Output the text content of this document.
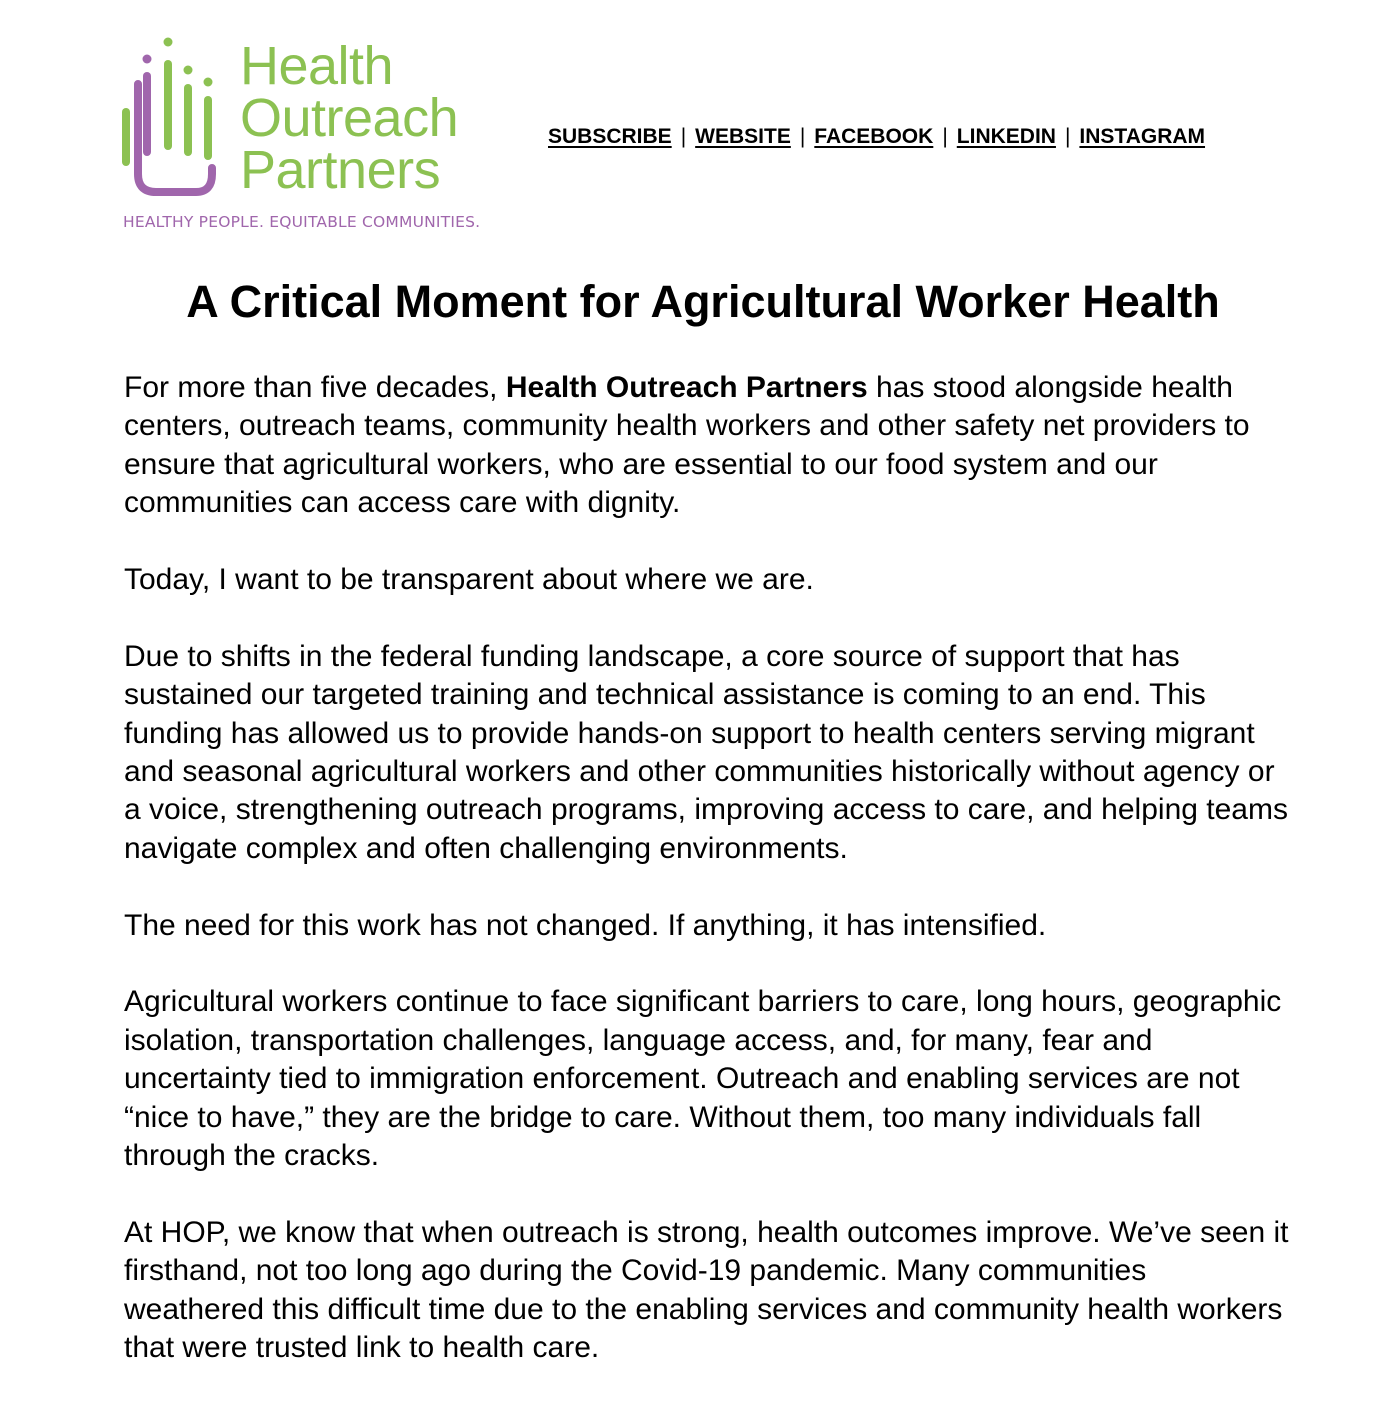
Health
Outreach
Partners
HEALTHY PEOPLE. EQUITABLE COMMUNITIES.
SUBSCRIBE | WEBSITE | FACEBOOK | LINKEDIN | INSTAGRAM
A Critical Moment for Agricultural Worker Health

For more than five decades, Health Outreach Partners has stood alongside health centers, outreach teams, community health workers and other safety net providers to ensure that agricultural workers, who are essential to our food system and our communities can access care with dignity.

Today, I want to be transparent about where we are.

Due to shifts in the federal funding landscape, a core source of support that has sustained our targeted training and technical assistance is coming to an end. This funding has allowed us to provide hands-on support to health centers serving migrant and seasonal agricultural workers and other communities historically without agency or a voice, strengthening outreach programs, improving access to care, and helping teams navigate complex and often challenging environments.

The need for this work has not changed. If anything, it has intensified.

Agricultural workers continue to face significant barriers to care, long hours, geographic isolation, transportation challenges, language access, and, for many, fear and uncertainty tied to immigration enforcement. Outreach and enabling services are not “nice to have,” they are the bridge to care. Without them, too many individuals fall through the cracks.

At HOP, we know that when outreach is strong, health outcomes improve. We’ve seen it firsthand, not too long ago during the Covid-19 pandemic. Many communities weathered this difficult time due to the enabling services and community health workers that were trusted link to health care.
